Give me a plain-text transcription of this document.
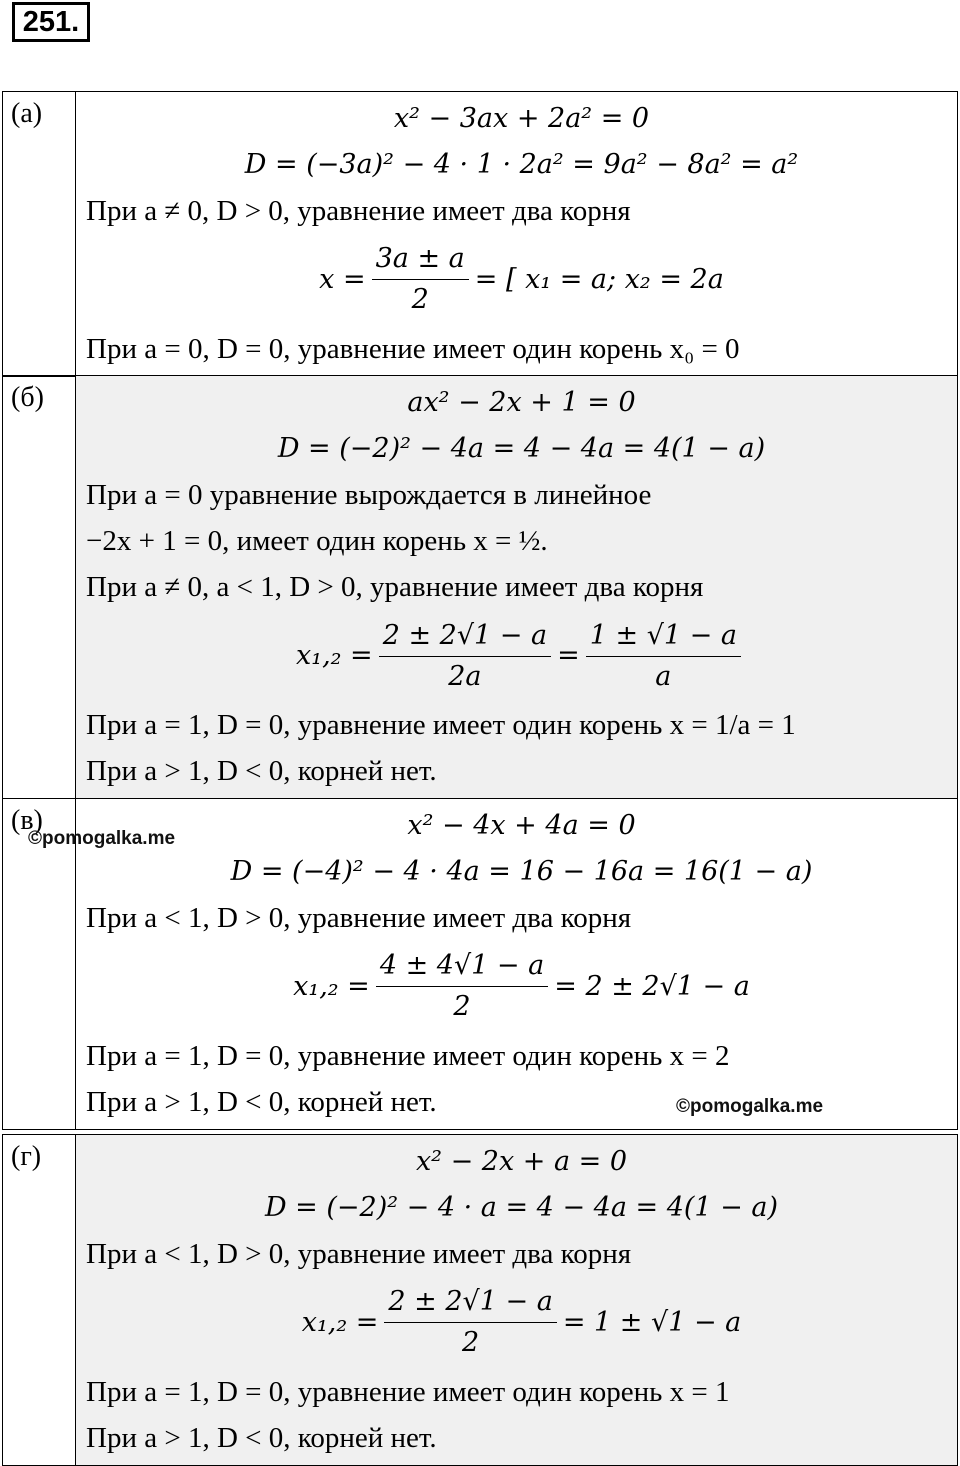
251.
(а)	x² − 3ax + 2a² = 0
D = (−3a)² − 4 · 1 · 2a² = 9a² − 8a² = a²
При a ≠ 0, D > 0, уравнение имеет два корня
$x = \frac{3a \pm a}{2}$ = [ x₁ = a; x₂ = 2a
При a = 0, D = 0, уравнение имеет один корень x₀ = 0
(б)	ax² − 2x + 1 = 0
D = (−2)² − 4a = 4 − 4a = 4(1 − a)
При a = 0 уравнение вырождается в линейное
−2x + 1 = 0, имеет один корень x = ½.
При a ≠ 0, a < 1, D > 0, уравнение имеет два корня
$x_1,_2 = \frac{2 \pm 2√1 - a}{2a} = \frac{1 \pm √1 - a}{a}$
При a = 1, D = 0, уравнение имеет один корень x = 1/a = 1
При a > 1, D < 0, корней нет.
(в)	x² − 4x + 4a = 0
D = (−4)² − 4 · 4a = 16 − 16a = 16(1 − a)
При a < 1, D > 0, уравнение имеет два корня
$x_1,_2 = \frac{4 \pm 4√1 - a}{2} = 2 \pm 2√1 - a$
При a = 1, D = 0, уравнение имеет один корень x = 2
При a > 1, D < 0, корней нет.
(г)	x² − 2x + a = 0
D = (−2)² − 4 · a = 4 − 4a = 4(1 − a)
При a < 1, D > 0, уравнение имеет два корня
$x_1,_2 = \frac{2 \pm 2√1 - a}{2} = 1 \pm √1 - a$
При a = 1, D = 0, уравнение имеет один корень x = 1
При a > 1, D < 0, корней нет.
©pomogalka.me
©pomogalka.me
